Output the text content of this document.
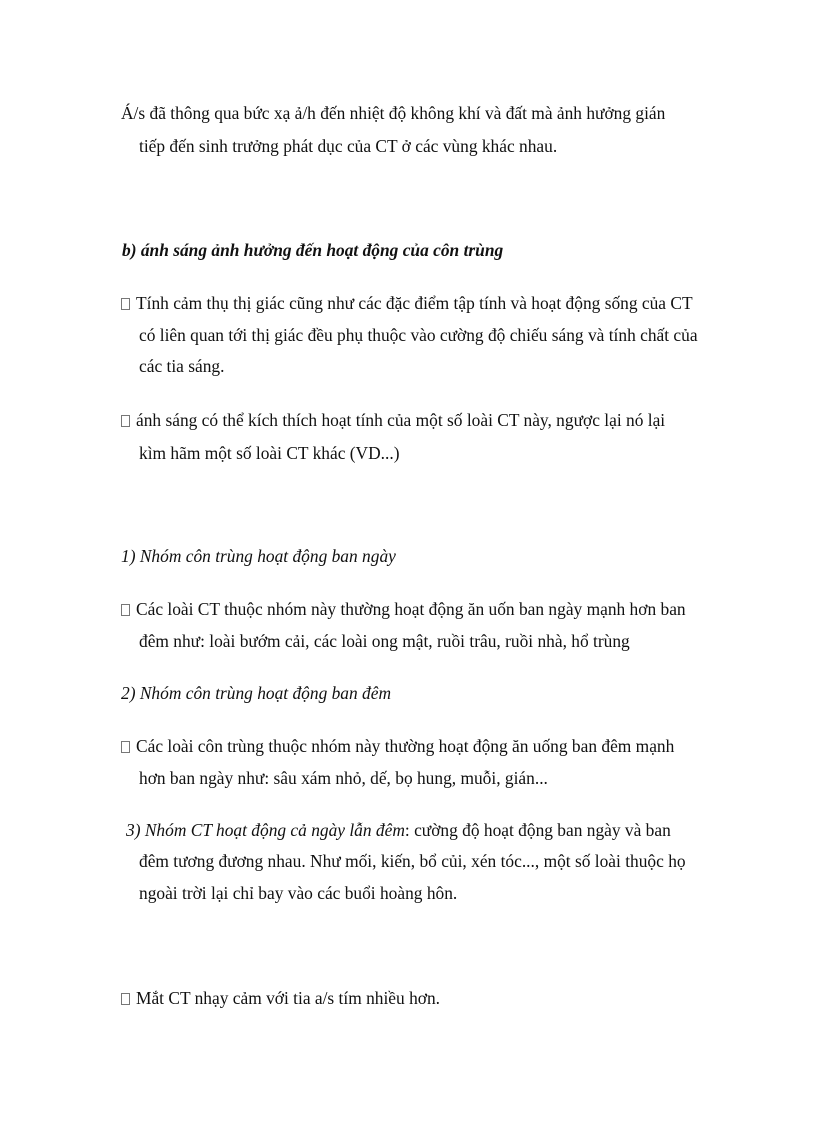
Á/s đã thông qua bức xạ ả/h đến nhiệt độ không khí và đất mà ảnh hưởng gián
tiếp đến sinh trưởng phát dục của CT ở các vùng khác nhau.
b) ánh sáng ảnh hưởng đến hoạt động của côn trùng
Tính cảm thụ thị giác cũng như các đặc điểm tập tính và hoạt động sống của CT
có liên quan tới thị giác đều phụ thuộc vào cường độ chiếu sáng và tính chất của
các tia sáng.
ánh sáng có thể kích thích hoạt tính của một số loài CT này, ngược lại nó lại
kìm hãm một số loài CT khác (VD...)
1) Nhóm côn trùng hoạt động ban ngày
Các loài CT thuộc nhóm này thường hoạt động ăn uốn ban ngày mạnh hơn ban
đêm như: loài bướm cải, các loài ong mật, ruồi trâu, ruồi nhà, hổ trùng
2) Nhóm côn trùng hoạt động ban đêm
Các loài côn trùng thuộc nhóm này thường hoạt động ăn uống ban đêm mạnh
hơn ban ngày như: sâu xám nhỏ, dế, bọ hung, muỗi, gián...
3) Nhóm CT hoạt động cả ngày lẫn đêm: cường độ hoạt động ban ngày và ban
đêm tương đương nhau. Như mối, kiến, bổ củi, xén tóc..., một số loài thuộc họ
ngoài trời lại chỉ bay vào các buổi hoàng hôn.
Mắt CT nhạy cảm với tia a/s tím nhiều hơn.
